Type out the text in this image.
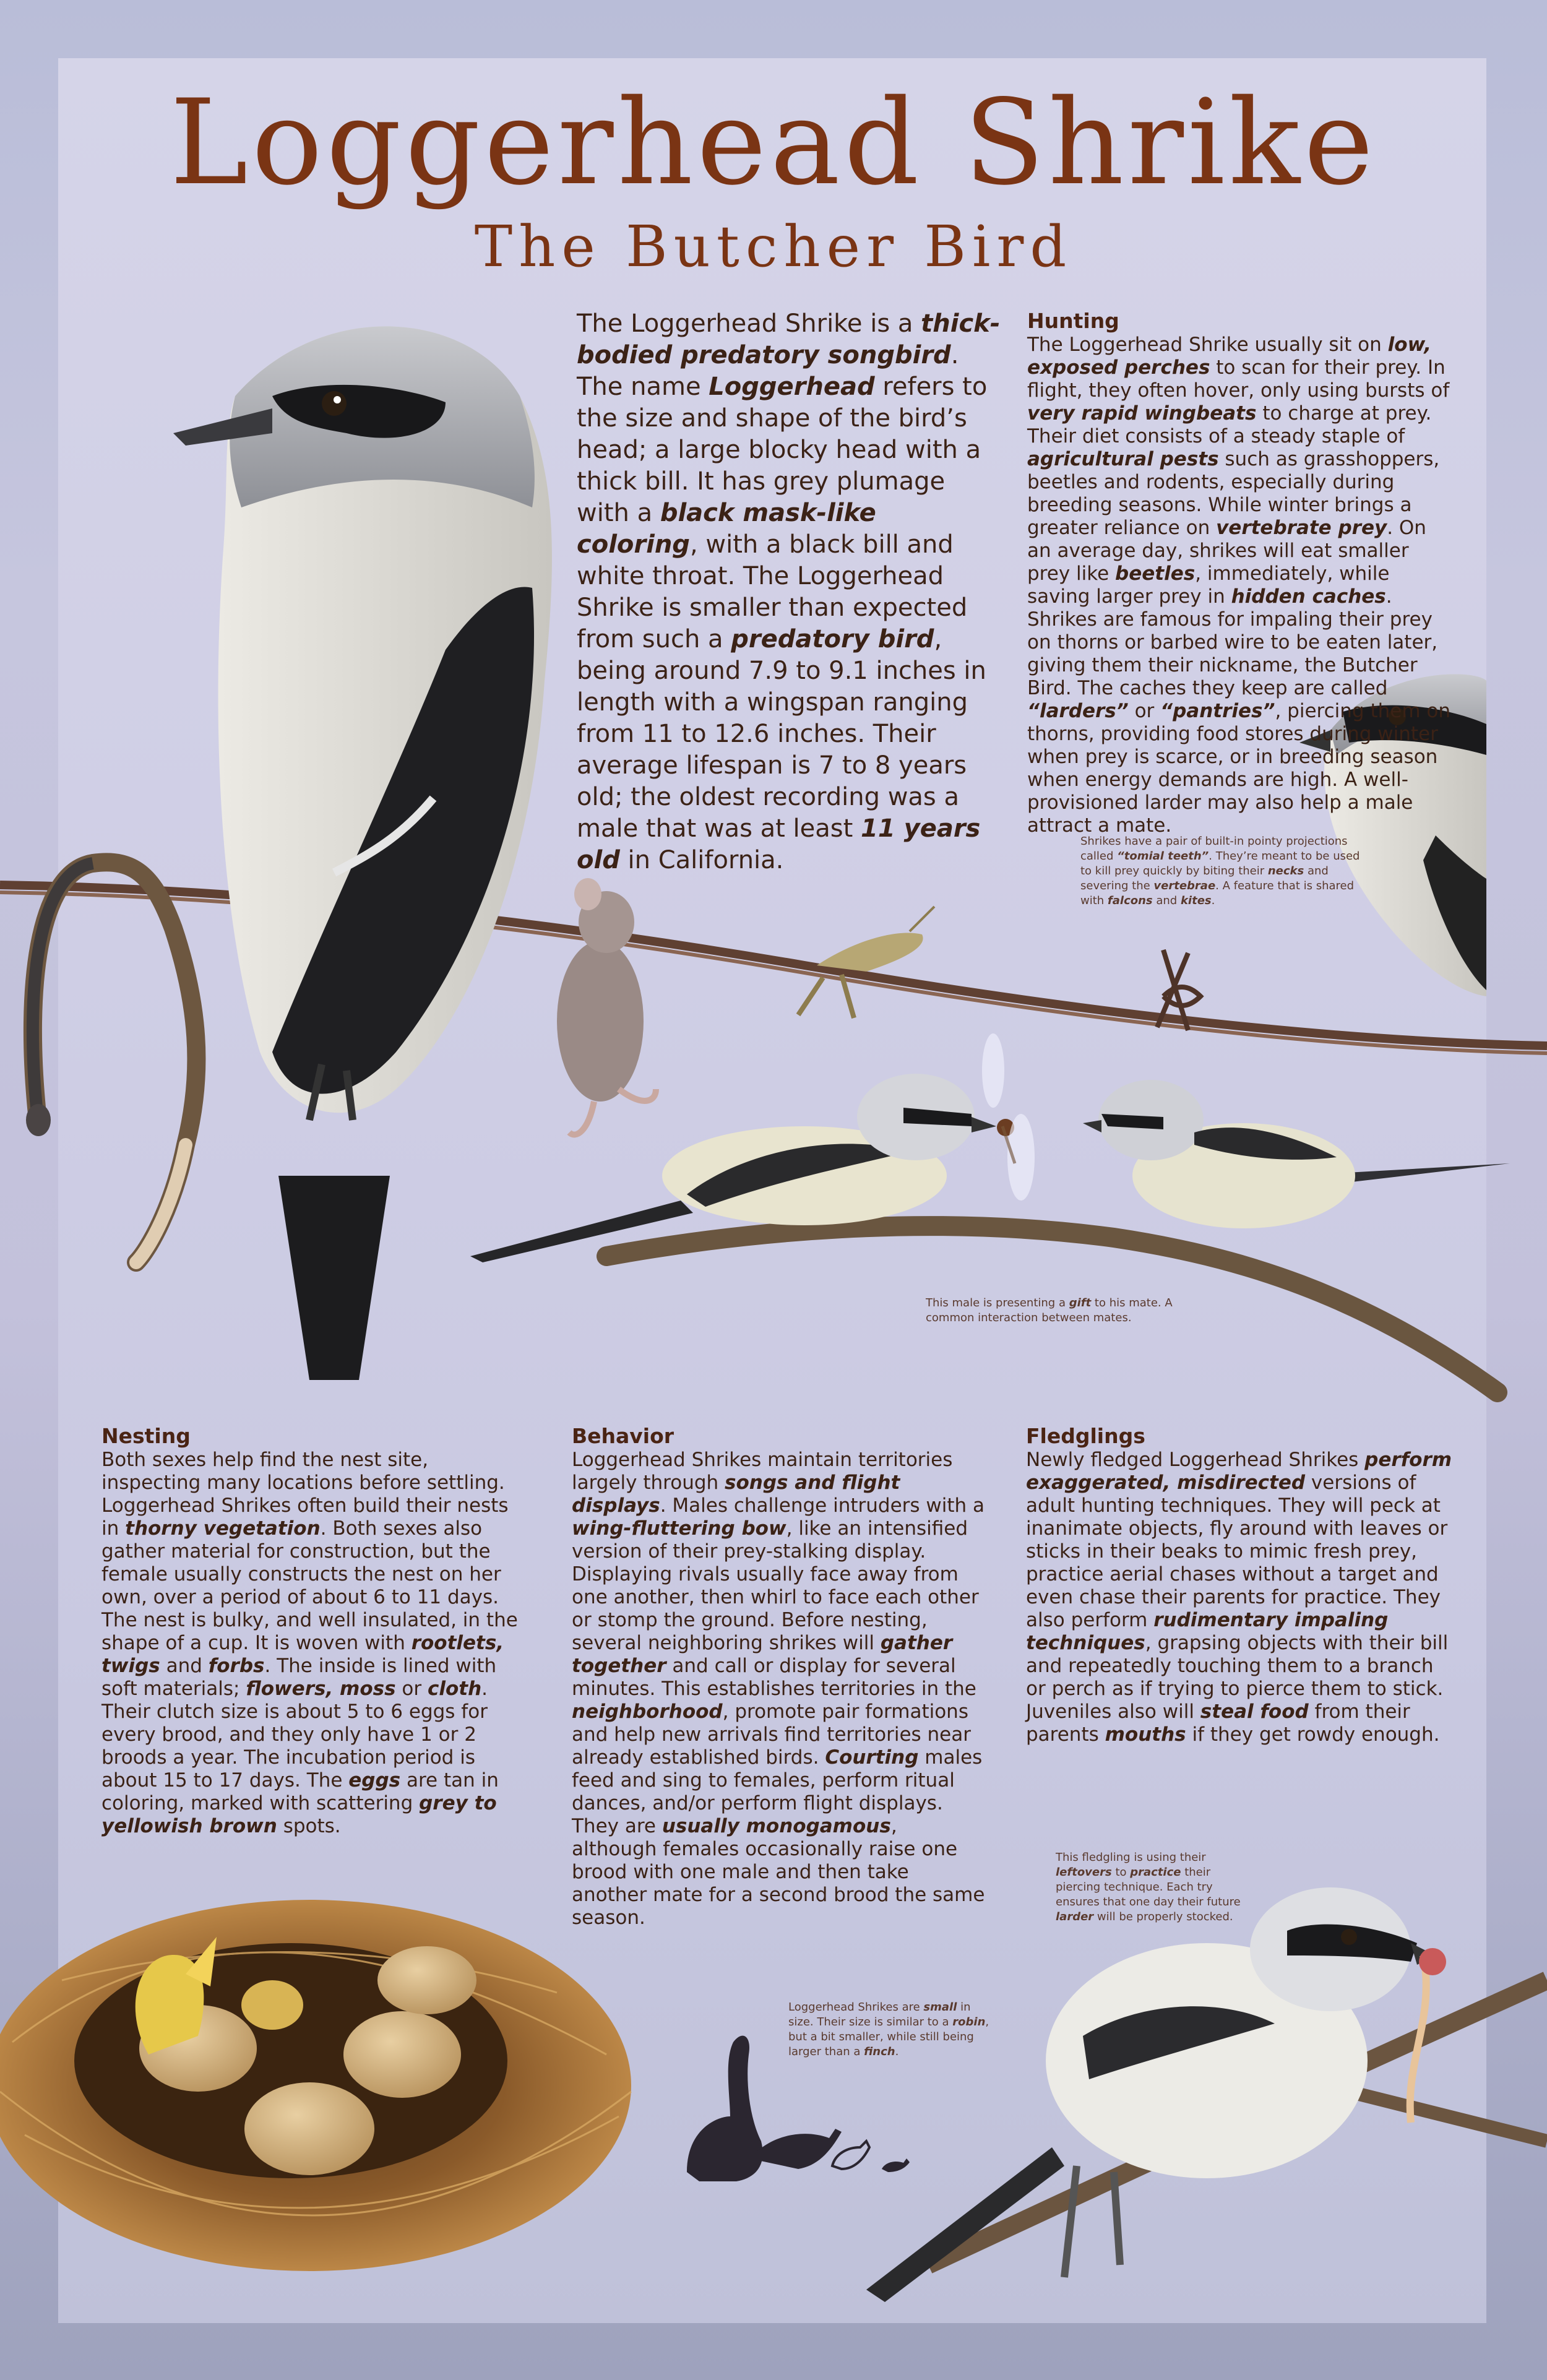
Loggerhead Shrike
The Butcher Bird
The Loggerhead Shrike is a thick-bodied predatory songbird. The name Loggerhead refers to the size and shape of the bird’s head; a large blocky head with a thick bill. It has grey plumage with a black mask-like coloring, with a black bill and white throat. The Loggerhead Shrike is smaller than expected from such a predatory bird, being around 7.9 to 9.1 inches in length with a wingspan ranging from 11 to 12.6 inches. Their average lifespan is 7 to 8 years old; the oldest recording was a male that was at least 11 years old in California.
Hunting
The Loggerhead Shrike usually sit on low, exposed perches to scan for their prey. In flight, they often hover, only using bursts of very rapid wingbeats to charge at prey. Their diet consists of a steady staple of agricultural pests such as grasshoppers, beetles and rodents, especially during breeding seasons. While winter brings a greater reliance on vertebrate prey. On an average day, shrikes will eat smaller prey like beetles, immediately, while saving larger prey in hidden caches. Shrikes are famous for impaling their prey on thorns or barbed wire to be eaten later, giving them their nickname, the Butcher Bird. The caches they keep are called “larders” or “pantries”, piercing them on thorns, providing food stores during winter when prey is scarce, or in breeding season when energy demands are high. A well-provisioned larder may also help a male attract a mate.
Shrikes have a pair of built-in pointy projections called “tomial teeth”. They’re meant to be used to kill prey quickly by biting their necks and severing the vertebrae. A feature that is shared with falcons and kites.
This male is presenting a gift to his mate. A common interaction between mates.
Nesting
Both sexes help find the nest site, inspecting many locations before settling. Loggerhead Shrikes often build their nests in thorny vegetation. Both sexes also gather material for construction, but the female usually constructs the nest on her own, over a period of about 6 to 11 days. The nest is bulky, and well insulated, in the shape of a cup. It is woven with rootlets, twigs and forbs. The inside is lined with soft materials; flowers, moss or cloth. Their clutch size is about 5 to 6 eggs for every brood, and they only have 1 or 2 broods a year. The incubation period is about 15 to 17 days. The eggs are tan in coloring, marked with scattering grey to yellowish brown spots.
Behavior
Loggerhead Shrikes maintain territories largely through songs and flight displays. Males challenge intruders with a wing-fluttering bow, like an intensified version of their prey-stalking display. Displaying rivals usually face away from one another, then whirl to face each other or stomp the ground. Before nesting, several neighboring shrikes will gather together and call or display for several minutes. This establishes territories in the neighborhood, promote pair formations and help new arrivals find territories near already established birds. Courting males feed and sing to females, perform ritual dances, and/or perform flight displays. They are usually monogamous, although females occasionally raise one brood with one male and then take another mate for a second brood the same season.
Fledglings
Newly fledged Loggerhead Shrikes perform exaggerated, misdirected versions of adult hunting techniques. They will peck at inanimate objects, fly around with leaves or sticks in their beaks to mimic fresh prey, practice aerial chases without a target and even chase their parents for practice. They also perform rudimentary impaling techniques, grapsing objects with their bill and repeatedly touching them to a branch or perch as if trying to pierce them to stick. Juveniles also will steal food from their parents mouths if they get rowdy enough.
This fledgling is using their leftovers to practice their piercing technique. Each try ensures that one day their future larder will be properly stocked.
Loggerhead Shrikes are small in size. Their size is similar to a robin, but a bit smaller, while still being larger than a finch.
